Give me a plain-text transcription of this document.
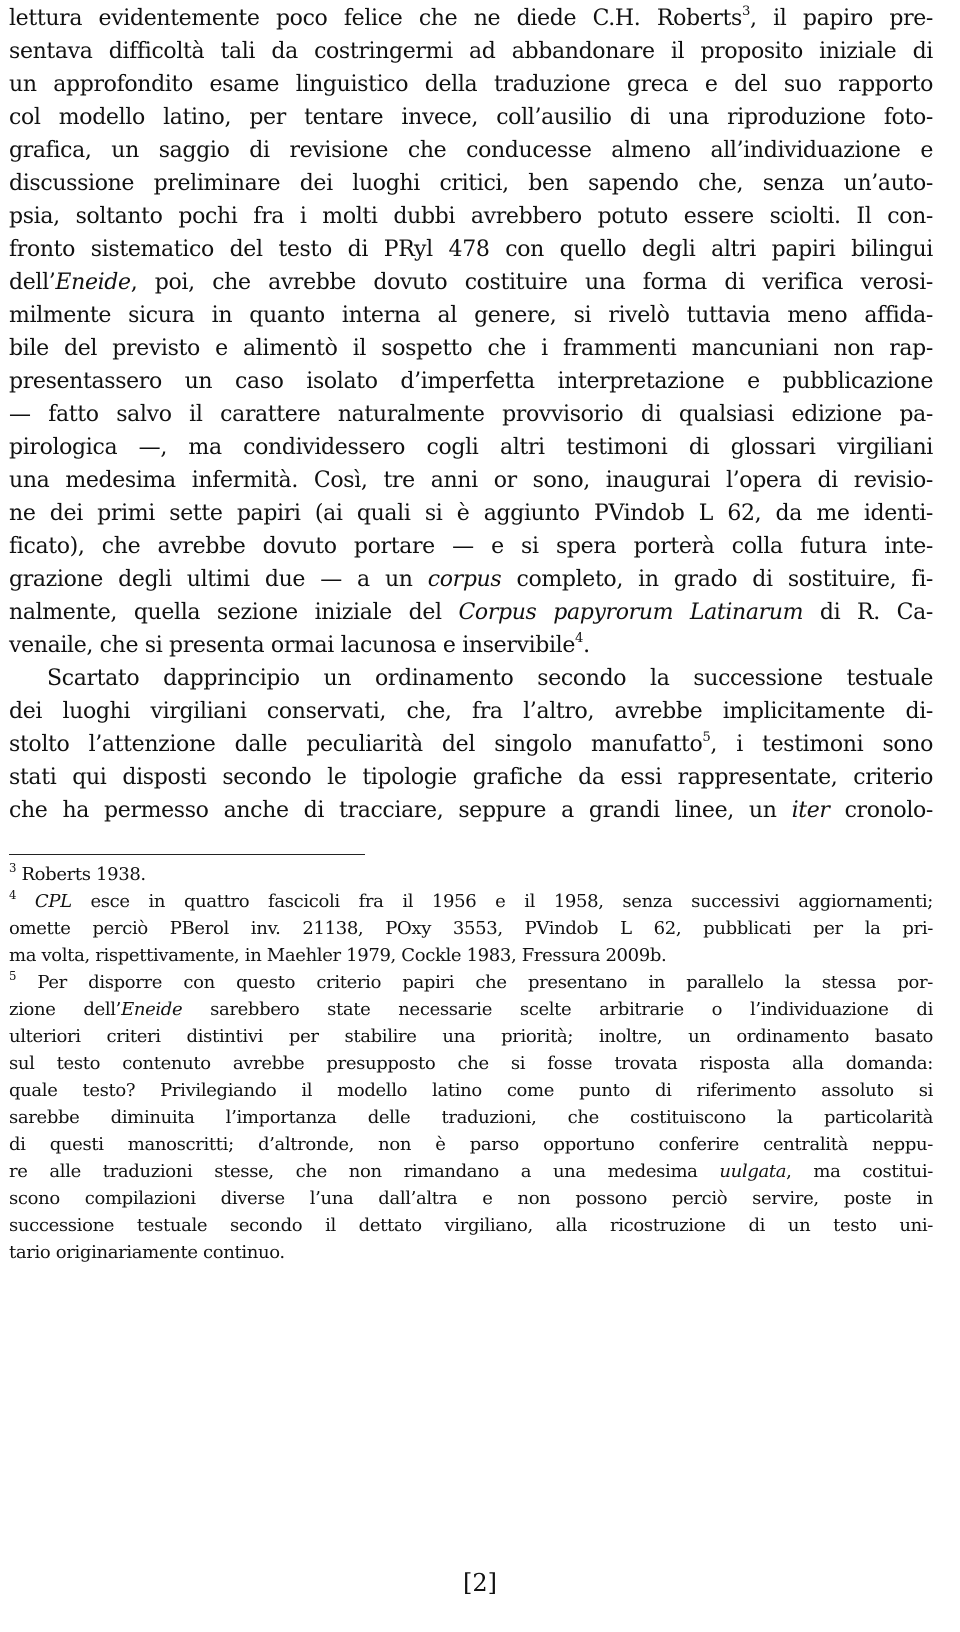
lettura evidentemente poco felice che ne diede C.H. Roberts$^3$, il papiro pre-
sentava difficoltà tali da costringermi ad abbandonare il proposito iniziale di
un approfondito esame linguistico della traduzione greca e del suo rapporto
col modello latino, per tentare invece, coll’ausilio di una riproduzione foto-
grafica, un saggio di revisione che conducesse almeno all’individuazione e
discussione preliminare dei luoghi critici, ben sapendo che, senza un’auto-
psia, soltanto pochi fra i molti dubbi avrebbero potuto essere sciolti. Il con-
fronto sistematico del testo di PRyl 478 con quello degli altri papiri bilingui
dell’Eneide, poi, che avrebbe dovuto costituire una forma di verifica verosi-
milmente sicura in quanto interna al genere, si rivelò tuttavia meno affida-
bile del previsto e alimentò il sospetto che i frammenti mancuniani non rap-
presentassero un caso isolato d’imperfetta interpretazione e pubblicazione
— fatto salvo il carattere naturalmente provvisorio di qualsiasi edizione pa-
pirologica —, ma condividessero cogli altri testimoni di glossari virgiliani
una medesima infermità. Così, tre anni or sono, inaugurai l’opera di revisio-
ne dei primi sette papiri (ai quali si è aggiunto PVindob L 62, da me identi-
ficato), che avrebbe dovuto portare — e si spera porterà colla futura inte-
grazione degli ultimi due — a un corpus completo, in grado di sostituire, fi-
nalmente, quella sezione iniziale del Corpus papyrorum Latinarum di R. Ca-
venaile, che si presenta ormai lacunosa e inservibile$^4$.

Scartato dapprincipio un ordinamento secondo la successione testuale
dei luoghi virgiliani conservati, che, fra l’altro, avrebbe implicitamente di-
stolto l’attenzione dalle peculiarità del singolo manufatto$^5$, i testimoni sono
stati qui disposti secondo le tipologie grafiche da essi rappresentate, criterio
che ha permesso anche di tracciare, seppure a grandi linee, un iter cronolo-

$^3$ Roberts 1938.

$^4$ CPL esce in quattro fascicoli fra il 1956 e il 1958, senza successivi aggiornamenti;
omette perciò PBerol inv. 21138, POxy 3553, PVindob L 62, pubblicati per la pri-
ma volta, rispettivamente, in Maehler 1979, Cockle 1983, Fressura 2009b.

$^5$ Per disporre con questo criterio papiri che presentano in parallelo la stessa por-
zione dell’Eneide sarebbero state necessarie scelte arbitrarie o l’individuazione di
ulteriori criteri distintivi per stabilire una priorità; inoltre, un ordinamento basato
sul testo contenuto avrebbe presupposto che si fosse trovata risposta alla domanda:
quale testo? Privilegiando il modello latino come punto di riferimento assoluto si
sarebbe diminuita l’importanza delle traduzioni, che costituiscono la particolarità
di questi manoscritti; d’altronde, non è parso opportuno conferire centralità neppu-
re alle traduzioni stesse, che non rimandano a una medesima uulgata, ma costitui-
scono compilazioni diverse l’una dall’altra e non possono perciò servire, poste in
successione testuale secondo il dettato virgiliano, alla ricostruzione di un testo uni-
tario originariamente continuo.

[2]
